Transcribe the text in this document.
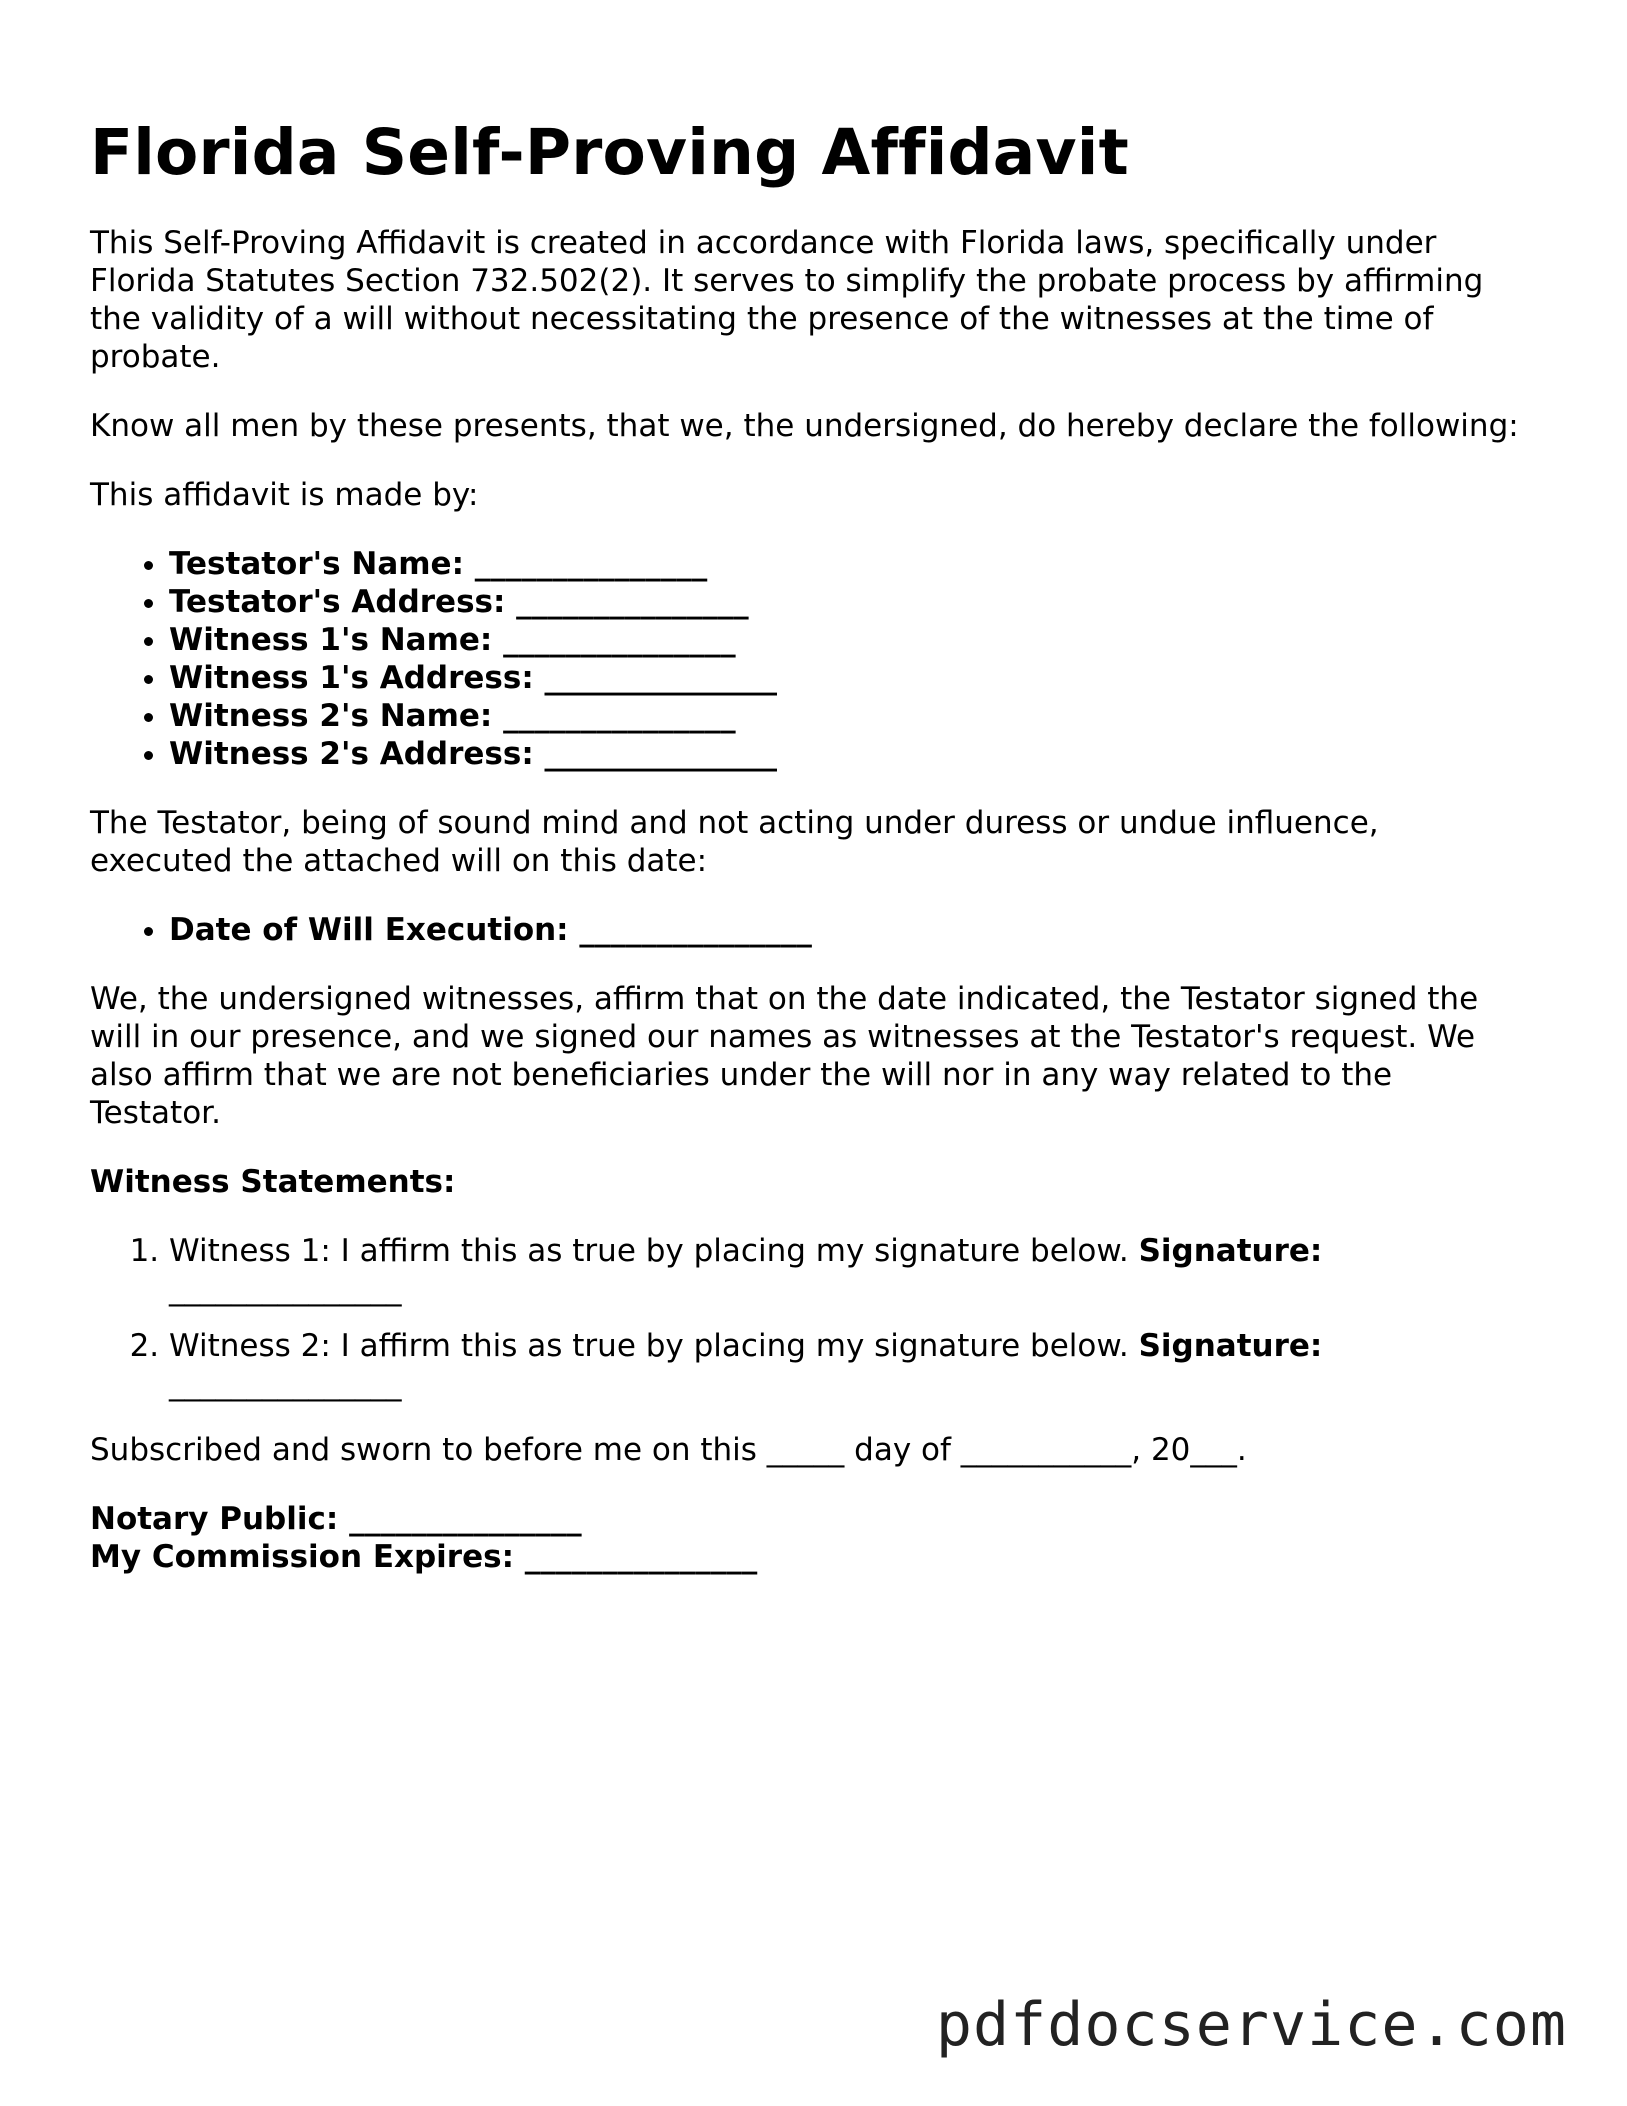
Florida Self-Proving Affidavit

This Self-Proving Affidavit is created in accordance with Florida laws, specifically under Florida Statutes Section 732.502(2). It serves to simplify the probate process by affirming the validity of a will without necessitating the presence of the witnesses at the time of probate.

Know all men by these presents, that we, the undersigned, do hereby declare the following:

This affidavit is made by:

• Testator's Name: _______________
• Testator's Address: _______________
• Witness 1's Name: _______________
• Witness 1's Address: _______________
• Witness 2's Name: _______________
• Witness 2's Address: _______________

The Testator, being of sound mind and not acting under duress or undue influence, executed the attached will on this date:

• Date of Will Execution: _______________

We, the undersigned witnesses, affirm that on the date indicated, the Testator signed the will in our presence, and we signed our names as witnesses at the Testator's request. We also affirm that we are not beneficiaries under the will nor in any way related to the Testator.

Witness Statements:
1. Witness 1: I affirm this as true by placing my signature below. Signature:
_______________
2. Witness 2: I affirm this as true by placing my signature below. Signature:
_______________

Subscribed and sworn to before me on this _____ day of ___________, 20___.

Notary Public: _______________
My Commission Expires: _______________
pdfdocservice.com
